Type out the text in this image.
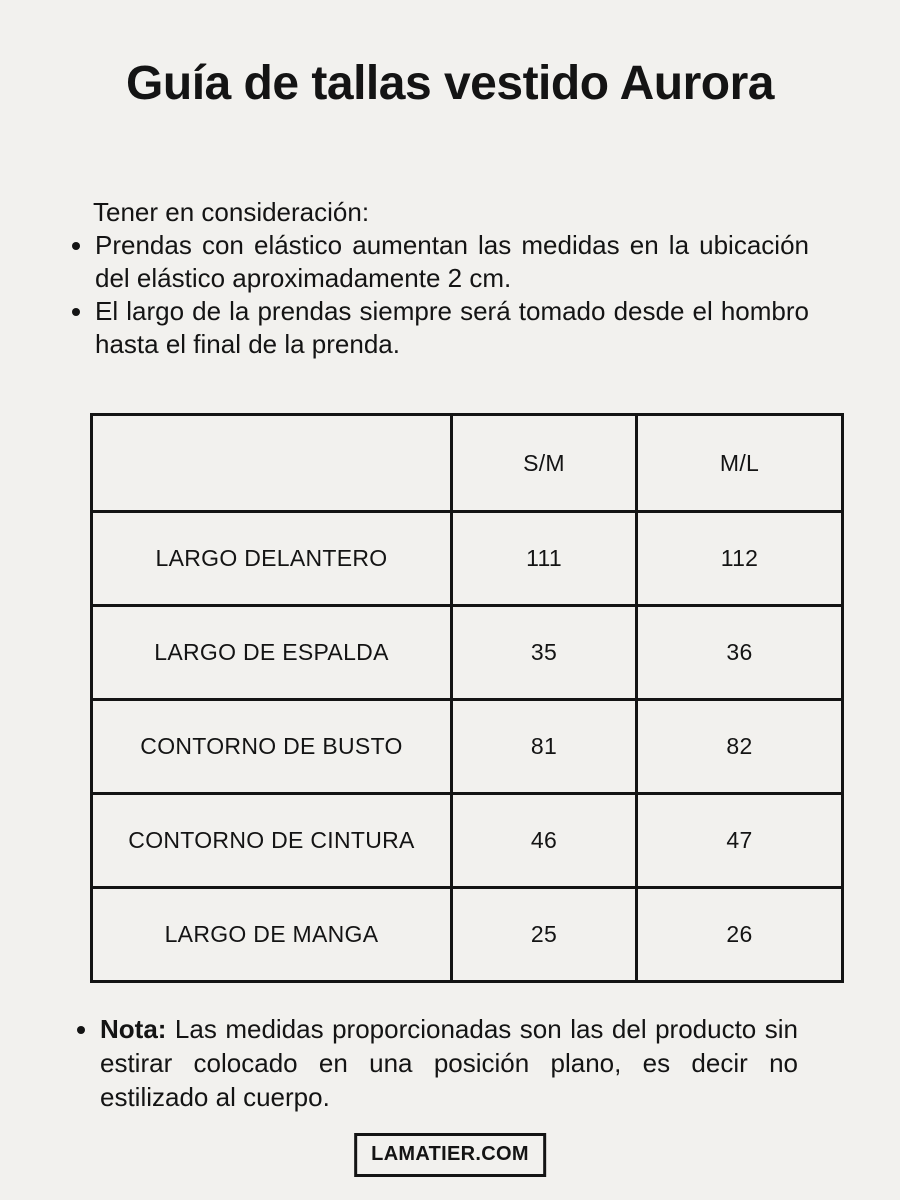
Guía de tallas vestido Aurora

Tener en consideración:

• Prendas con elástico aumentan las medidas en la ubicación del elástico aproximadamente 2 cm.
• El largo de la prendas siempre será tomado desde el hombro hasta el final de la prenda.
	S/M	M/L
LARGO DELANTERO	111	112
LARGO DE ESPALDA	35	36
CONTORNO DE BUSTO	81	82
CONTORNO DE CINTURA	46	47
LARGO DE MANGA	25	26
• Nota: Las medidas proporcionadas son las del producto sin estirar colocado en una posición plano, es decir no estilizado al cuerpo.
LAMATIER.COM
